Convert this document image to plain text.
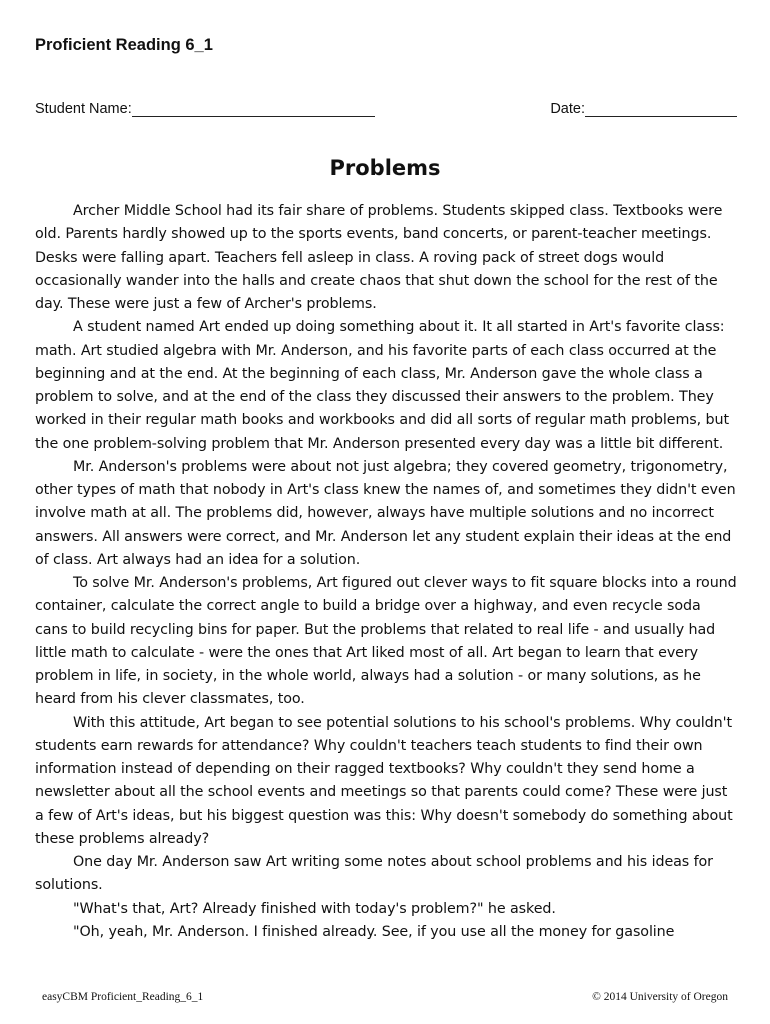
Proficient Reading 6_1
Student Name:	Date:
Problems

Archer Middle School had its fair share of problems. Students skipped class. Textbooks were old. Parents hardly showed up to the sports events, band concerts, or parent-teacher meetings. Desks were falling apart. Teachers fell asleep in class. A roving pack of street dogs would occasionally wander into the halls and create chaos that shut down the school for the rest of the day. These were just a few of Archer's problems.

A student named Art ended up doing something about it. It all started in Art's favorite class: math. Art studied algebra with Mr. Anderson, and his favorite parts of each class occurred at the beginning and at the end. At the beginning of each class, Mr. Anderson gave the whole class a problem to solve, and at the end of the class they discussed their answers to the problem. They worked in their regular math books and workbooks and did all sorts of regular math problems, but the one problem-solving problem that Mr. Anderson presented every day was a little bit different.

Mr. Anderson's problems were about not just algebra; they covered geometry, trigonometry, other types of math that nobody in Art's class knew the names of, and sometimes they didn't even involve math at all. The problems did, however, always have multiple solutions and no incorrect answers. All answers were correct, and Mr. Anderson let any student explain their ideas at the end of class. Art always had an idea for a solution.

To solve Mr. Anderson's problems, Art figured out clever ways to fit square blocks into a round container, calculate the correct angle to build a bridge over a highway, and even recycle soda cans to build recycling bins for paper. But the problems that related to real life - and usually had little math to calculate - were the ones that Art liked most of all. Art began to learn that every problem in life, in society, in the whole world, always had a solution - or many solutions, as he heard from his clever classmates, too.

With this attitude, Art began to see potential solutions to his school's problems. Why couldn't students earn rewards for attendance? Why couldn't teachers teach students to find their own information instead of depending on their ragged textbooks? Why couldn't they send home a newsletter about all the school events and meetings so that parents could come? These were just a few of Art's ideas, but his biggest question was this: Why doesn't somebody do something about these problems already?

One day Mr. Anderson saw Art writing some notes about school problems and his ideas for solutions.

"What's that, Art? Already finished with today's problem?" he asked.

"Oh, yeah, Mr. Anderson. I finished already. See, if you use all the money for gasoline

easyCBM Proficient_Reading_6_1	© 2014 University of Oregon
